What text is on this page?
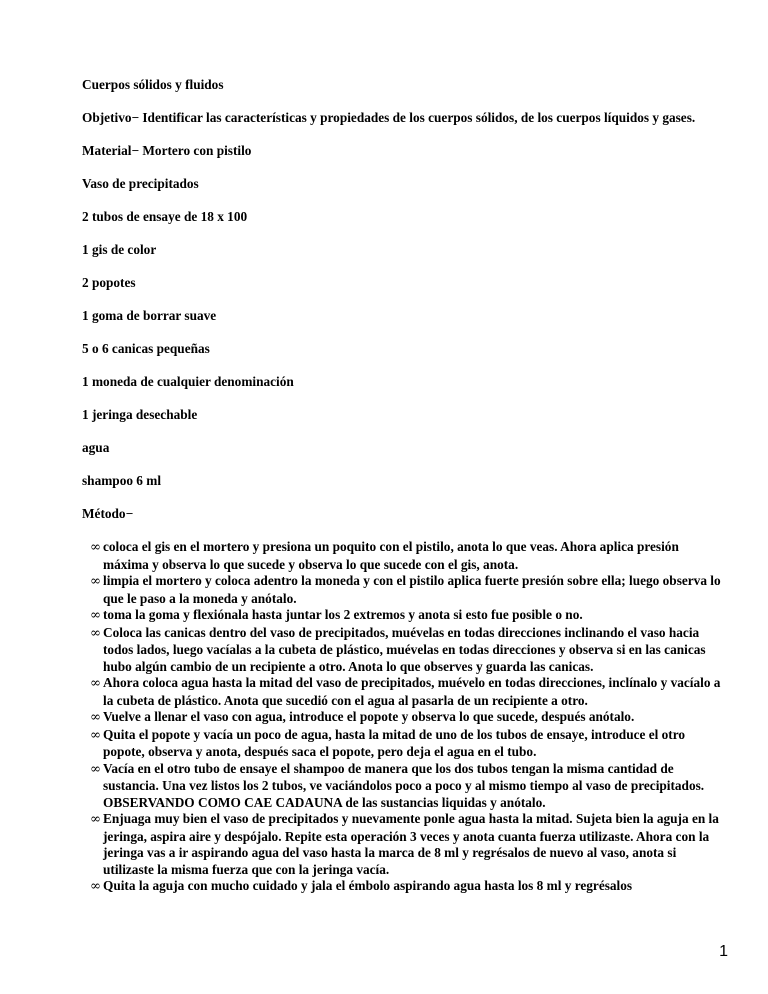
Cuerpos sólidos y fluidos

Objetivo− Identificar las características y propiedades de los cuerpos sólidos, de los cuerpos líquidos y gases.

Material− Mortero con pistilo

Vaso de precipitados

2 tubos de ensaye de 18 x 100

1 gis de color

2 popotes

1 goma de borrar suave

5 o 6 canicas pequeñas

1 moneda de cualquier denominación

1 jeringa desechable

agua

shampoo 6 ml

Método−

∞ coloca el gis en el mortero y presiona un poquito con el pistilo, anota lo que veas. Ahora aplica presión máxima y observa lo que sucede y observa lo que sucede con el gis, anota.
∞ limpia el mortero y coloca adentro la moneda y con el pistilo aplica fuerte presión sobre ella; luego observa lo que le paso a la moneda y anótalo.
∞ toma la goma y flexiónala hasta juntar los 2 extremos y anota si esto fue posible o no.
∞ Coloca las canicas dentro del vaso de precipitados, muévelas en todas direcciones inclinando el vaso hacia todos lados, luego vacíalas a la cubeta de plástico, muévelas en todas direcciones y observa si en las canicas hubo algún cambio de un recipiente a otro. Anota lo que observes y guarda las canicas.
∞ Ahora coloca agua hasta la mitad del vaso de precipitados, muévelo en todas direcciones, inclínalo y vacíalo a la cubeta de plástico. Anota que sucedió con el agua al pasarla de un recipiente a otro.
∞ Vuelve a llenar el vaso con agua, introduce el popote y observa lo que sucede, después anótalo.
∞ Quita el popote y vacía un poco de agua, hasta la mitad de uno de los tubos de ensaye, introduce el otro popote, observa y anota, después saca el popote, pero deja el agua en el tubo.
∞ Vacía en el otro tubo de ensaye el shampoo de manera que los dos tubos tengan la misma cantidad de sustancia. Una vez listos los 2 tubos, ve vaciándolos poco a poco y al mismo tiempo al vaso de precipitados. OBSERVANDO COMO CAE CADAUNA de las sustancias liquidas y anótalo.
∞ Enjuaga muy bien el vaso de precipitados y nuevamente ponle agua hasta la mitad. Sujeta bien la aguja en la jeringa, aspira aire y despójalo. Repite esta operación 3 veces y anota cuanta fuerza utilizaste. Ahora con la jeringa vas a ir aspirando agua del vaso hasta la marca de 8 ml y regrésalos de nuevo al vaso, anota si utilizaste la misma fuerza que con la jeringa vacía.
∞ Quita la aguja con mucho cuidado y jala el émbolo aspirando agua hasta los 8 ml y regrésalos
1
